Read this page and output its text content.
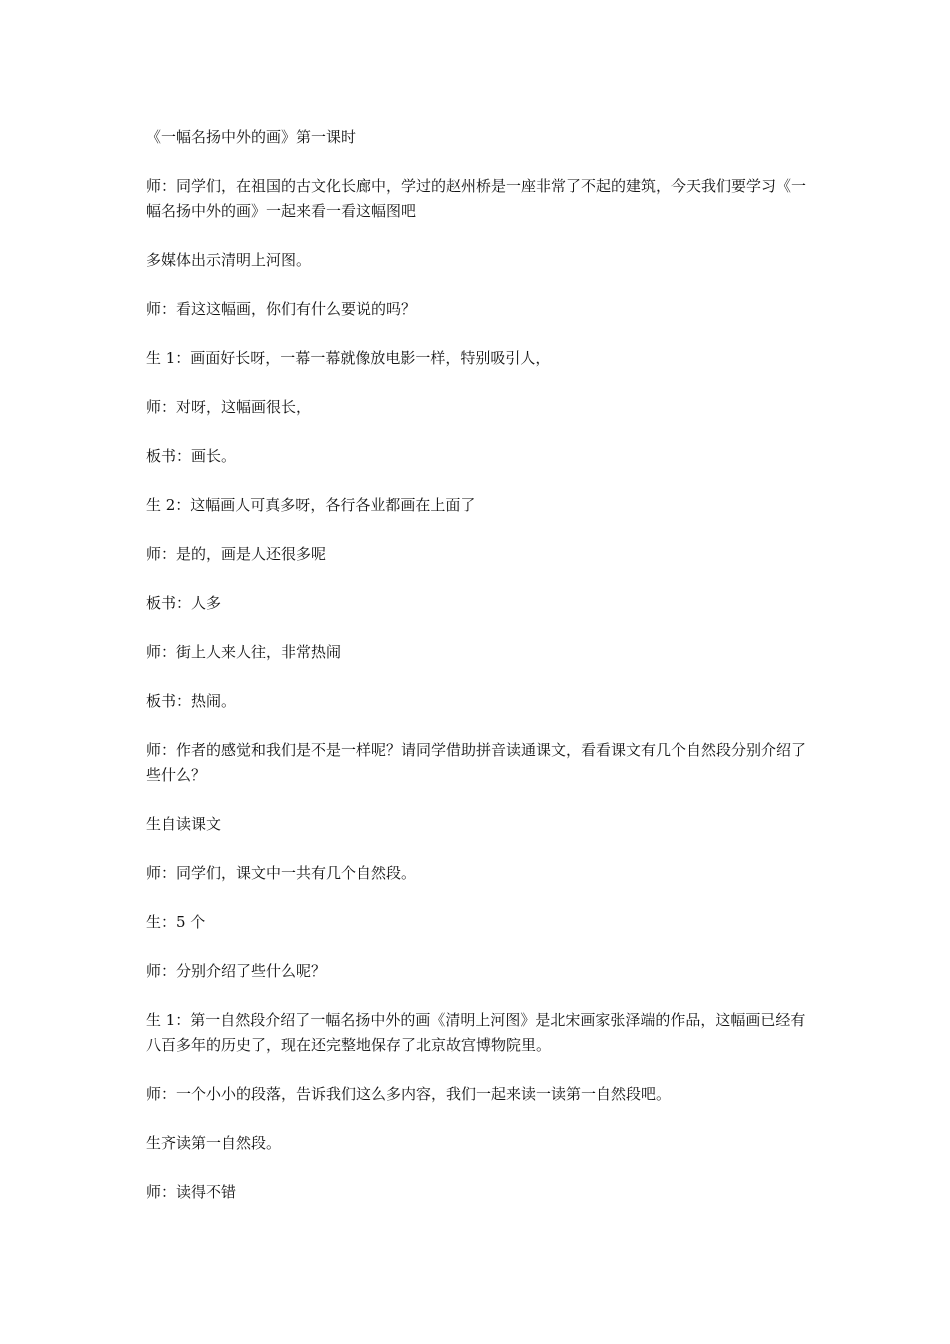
《一幅名扬中外的画》第一课时

师：同学们，在祖国的古文化长廊中，学过的赵州桥是一座非常了不起的建筑，今天我们要学习《一幅名扬中外的画》一起来看一看这幅图吧

多媒体出示清明上河图。

师：看这这幅画，你们有什么要说的吗？

生 1：画面好长呀，一幕一幕就像放电影一样，特别吸引人，

师：对呀，这幅画很长，

板书：画长。

生 2：这幅画人可真多呀，各行各业都画在上面了

师：是的，画是人还很多呢

板书：人多

师：街上人来人往，非常热闹

板书：热闹。

师：作者的感觉和我们是不是一样呢？请同学借助拼音读通课文，看看课文有几个自然段分别介绍了些什么？

生自读课文

师：同学们，课文中一共有几个自然段。

生：5 个

师：分别介绍了些什么呢？

生 1：第一自然段介绍了一幅名扬中外的画《清明上河图》是北宋画家张泽端的作品，这幅画已经有八百多年的历史了，现在还完整地保存了北京故宫博物院里。

师：一个小小的段落，告诉我们这么多内容，我们一起来读一读第一自然段吧。

生齐读第一自然段。

师：读得不错
